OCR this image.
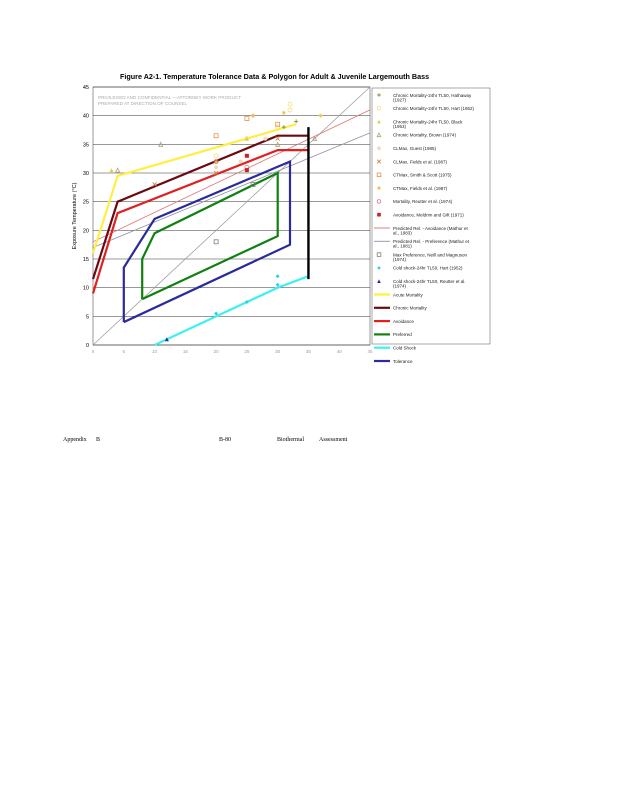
Figure A2-1. Temperature Tolerance Data & Polygon for Adult & Juvenile Largemouth Bass
0
5
10
15
20
25
30
35
40
45
0	5	10	15	20	25	30	35	40	45
Exposure Temperature (°C)
PRIVILEGED AND CONFIDENTIAL —ATTORNEY WORK PRODUCT
PREPARED AT DIRECTION OF COUNSEL
Chronic Mortality-24hr TL50, Hathaway
(1927)
Chronic Mortality-24hr TL50, Hart (1952)
Chronic Mortality-24hr TL50, Black
(1953)
Chronic Mortality, Brown (1974)
CLMax, Guest (1985)
CLMax, Fields et al. (1987)
CTMax, Smith & Scott (1975)
CTMax, Fields et al. (1987)
Mortality, Reutter et al. (1974)
Avoidance, Meldrim and Gift (1971)
Predicted Rel. - Avoidance (Mathur et
al., 1983)
Predicted Rel. - Preference (Mathur et
al., 1981)
Max Preference, Neill and Magnuson
(1974)
Cold shock-24hr TL50, Hart (1952)
Cold shock-24hr TL50, Reutter et al.
(1974)
Acute Mortality
Chronic Mortality
Avoidance
Preferred
Cold Shock
Tolerance
Appendix B	B-80	Biothermal	Assessment
